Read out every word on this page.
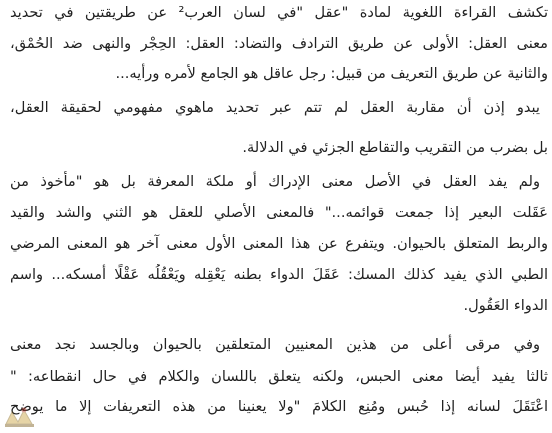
تكشف القراءة اللغوية لمادة "عقل "في لسان العرب² عن طريقتين في تحديد
معنى العقل: الأولى عن طريق الترادف والتضاد: العقل: الحِجْر والنهى ضد الحُمْق،
والثانية عن طريق التعريف من قبيل: رجل عاقل هو الجامع لأمره ورأيه...
يبدو إذن أن مقاربة العقل لم تتم عبر تحديد ماهوي مفهومي لحقيقة العقل،
بل بضرب من التقريب والتقاطع الجزئي في الدلالة.
ولم يفد العقل في الأصل معنى الإدراك أو ملكة المعرفة بل هو "مأخوذ من
عَقَلت البعير إذا جمعت قوائمه..." فالمعنى الأصلي للعقل هو الثني والشد والقيد
والربط المتعلق بالحيوان. ويتفرع عن هذا المعنى الأول معنى آخر هو المعنى المرضي
الطبي الذي يفيد كذلك المسك: عَقَلَ الدواء بطنه يَعْقِله ويَعْقُلُه عَقْلًا أمسكه... واسم
الدواء العَقُول.
وفي مرقى أعلى من هذين المعنيين المتعلقين بالحيوان وبالجسد نجد معنى
ثالثا يفيد أيضا معنى الحبس، ولكنه يتعلق باللسان والكلام في حال انقطاعه: "
اعْتَقَلَ لسانه إذا حُبس ومُنِع الكلامَ "ولا يعنينا من هذه التعريفات إلا ما يوضح
